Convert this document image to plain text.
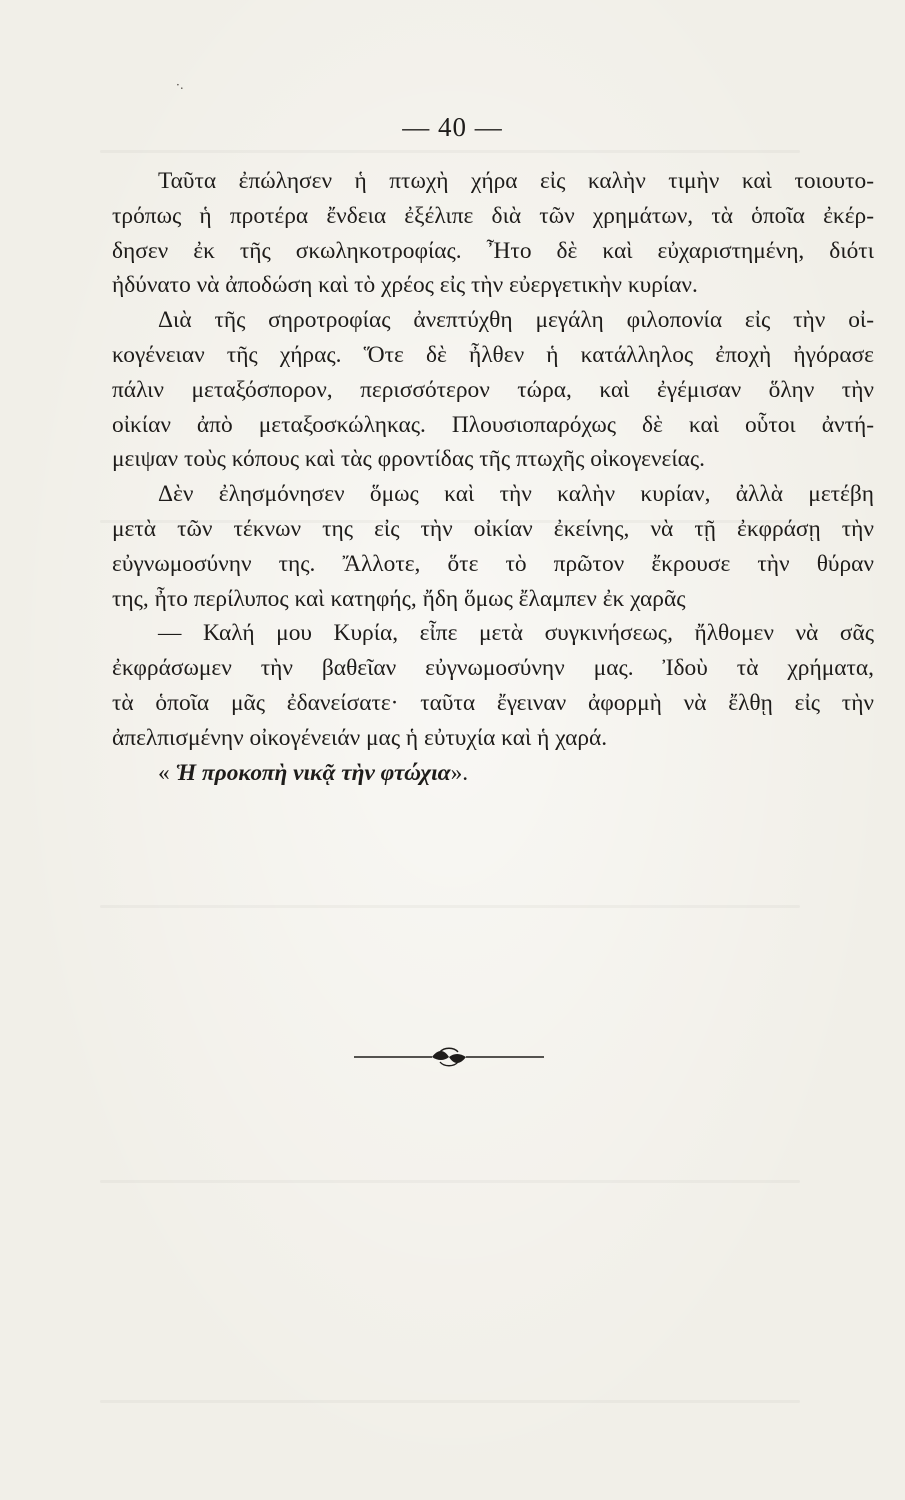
·.
— 40 —
Ταῦτα ἐπώλησεν ἡ πτωχὴ χήρα εἰς καλὴν τιμὴν καὶ τοιουτο-
τρόπως ἡ προτέρα ἔνδεια ἐξέλιπε διὰ τῶν χρημάτων, τὰ ὁποῖα ἐκέρ-
δησεν ἐκ τῆς σκωληκοτροφίας. Ἦτο δὲ καὶ εὐχαριστημένη, διότι
ἠδύνατο νὰ ἀποδώση καὶ τὸ χρέος εἰς τὴν εὐεργετικὴν κυρίαν.
Διὰ τῆς σηροτροφίας ἀνεπτύχθη μεγάλη φιλοπονία εἰς τὴν οἰ-
κογένειαν τῆς χήρας. Ὅτε δὲ ἦλθεν ἡ κατάλληλος ἐποχὴ ἠγόρασε
πάλιν μεταξόσπορον, περισσότερον τώρα, καὶ ἐγέμισαν ὅλην τὴν
οἰκίαν ἀπὸ μεταξοσκώληκας. Πλουσιοπαρόχως δὲ καὶ οὗτοι ἀντή-
μειψαν τοὺς κόπους καὶ τὰς φροντίδας τῆς πτωχῆς οἰκογενείας.
Δὲν ἐλησμόνησεν ὅμως καὶ τὴν καλὴν κυρίαν, ἀλλὰ μετέβη
μετὰ τῶν τέκνων της εἰς τὴν οἰκίαν ἐκείνης, νὰ τῇ ἐκφράσῃ τὴν
εὐγνωμοσύνην της. Ἄλλοτε, ὅτε τὸ πρῶτον ἔκρουσε τὴν θύραν
της, ἦτο περίλυπος καὶ κατηφής, ἤδη ὅμως ἔλαμπεν ἐκ χαρᾶς
— Καλή μου Κυρία, εἶπε μετὰ συγκινήσεως, ἤλθομεν νὰ σᾶς
ἐκφράσωμεν τὴν βαθεῖαν εὐγνωμοσύνην μας. Ἰδοὺ τὰ χρήματα,
τὰ ὁποῖα μᾶς ἐδανείσατε· ταῦτα ἔγειναν ἀφορμὴ νὰ ἔλθῃ εἰς τὴν
ἀπελπισμένην οἰκογένειάν μας ἡ εὐτυχία καὶ ἡ χαρά.
« Ἡ προκοπὴ νικᾷ τὴν φτώχια».
